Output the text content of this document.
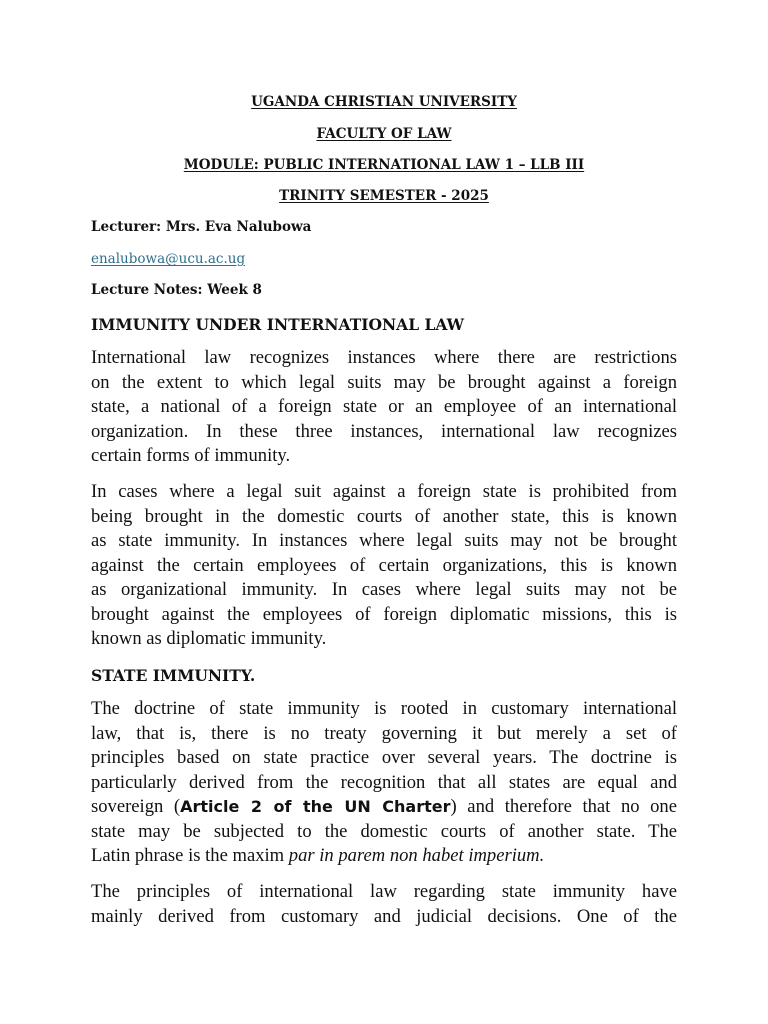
UGANDA CHRISTIAN UNIVERSITY
FACULTY OF LAW
MODULE: PUBLIC INTERNATIONAL LAW 1 – LLB III
TRINITY SEMESTER - 2025
Lecturer: Mrs. Eva Nalubowa
enalubowa@ucu.ac.ug
Lecture Notes: Week 8
IMMUNITY UNDER INTERNATIONAL LAW
International law recognizes instances where there are restrictions
on the extent to which legal suits may be brought against a foreign
state, a national of a foreign state or an employee of an international
organization. In these three instances, international law recognizes
certain forms of immunity.
In cases where a legal suit against a foreign state is prohibited from
being brought in the domestic courts of another state, this is known
as state immunity. In instances where legal suits may not be brought
against the certain employees of certain organizations, this is known
as organizational immunity. In cases where legal suits may not be
brought against the employees of foreign diplomatic missions, this is
known as diplomatic immunity.
STATE IMMUNITY.
The doctrine of state immunity is rooted in customary international
law, that is, there is no treaty governing it but merely a set of
principles based on state practice over several years. The doctrine is
particularly derived from the recognition that all states are equal and
sovereign (Article 2 of the UN Charter) and therefore that no one
state may be subjected to the domestic courts of another state. The
Latin phrase is the maxim par in parem non habet imperium.
The principles of international law regarding state immunity have
mainly derived from customary and judicial decisions. One of the
